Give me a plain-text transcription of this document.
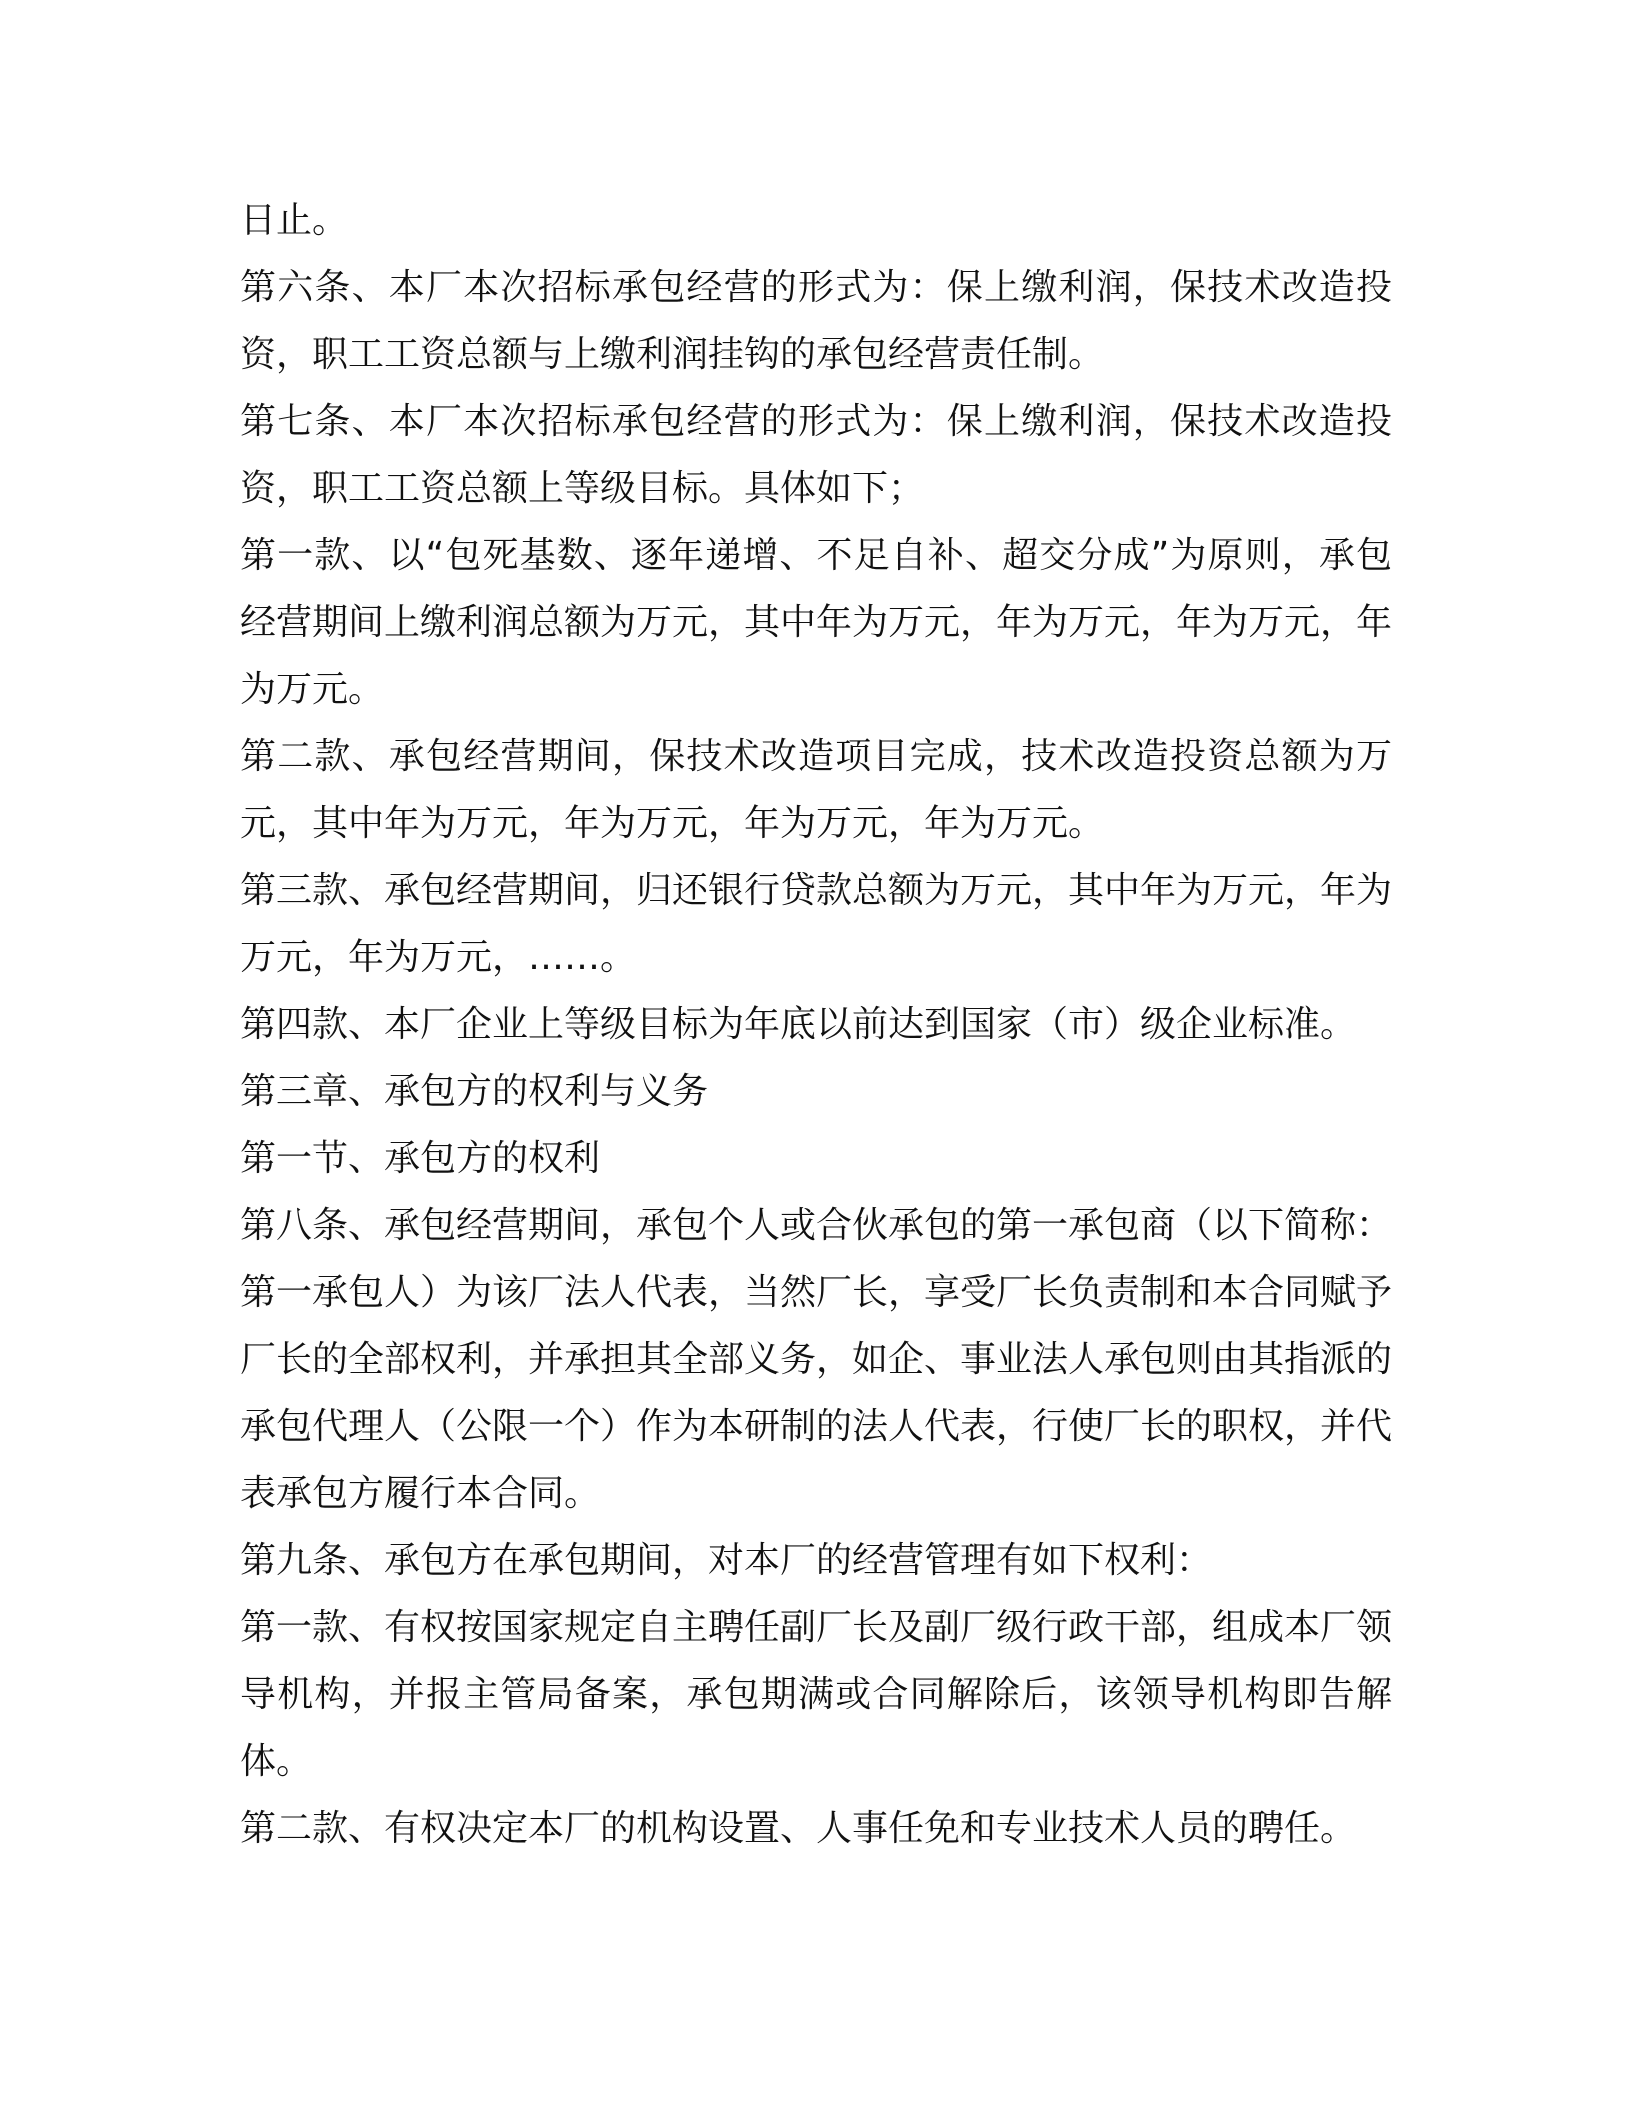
日止。

第六条、本厂本次招标承包经营的形式为：保上缴利润，保技术改造投资，职工工资总额与上缴利润挂钩的承包经营责任制。

第七条、本厂本次招标承包经营的形式为：保上缴利润，保技术改造投资，职工工资总额上等级目标。具体如下；

第一款、以“包死基数、逐年递增、不足自补、超交分成”为原则，承包经营期间上缴利润总额为万元，其中年为万元，年为万元，年为万元，年为万元。

第二款、承包经营期间，保技术改造项目完成，技术改造投资总额为万元，其中年为万元，年为万元，年为万元，年为万元。

第三款、承包经营期间，归还银行贷款总额为万元，其中年为万元，年为万元，年为万元，……。

第四款、本厂企业上等级目标为年底以前达到国家（市）级企业标准。

第三章、承包方的权利与义务

第一节、承包方的权利

第八条、承包经营期间，承包个人或合伙承包的第一承包商（以下简称：第一承包人）为该厂法人代表，当然厂长，享受厂长负责制和本合同赋予厂长的全部权利，并承担其全部义务，如企、事业法人承包则由其指派的承包代理人（公限一个）作为本研制的法人代表，行使厂长的职权，并代表承包方履行本合同。

第九条、承包方在承包期间，对本厂的经营管理有如下权利：

第一款、有权按国家规定自主聘任副厂长及副厂级行政干部，组成本厂领导机构，并报主管局备案，承包期满或合同解除后，该领导机构即告解体。

第二款、有权决定本厂的机构设置、人事任免和专业技术人员的聘任。
